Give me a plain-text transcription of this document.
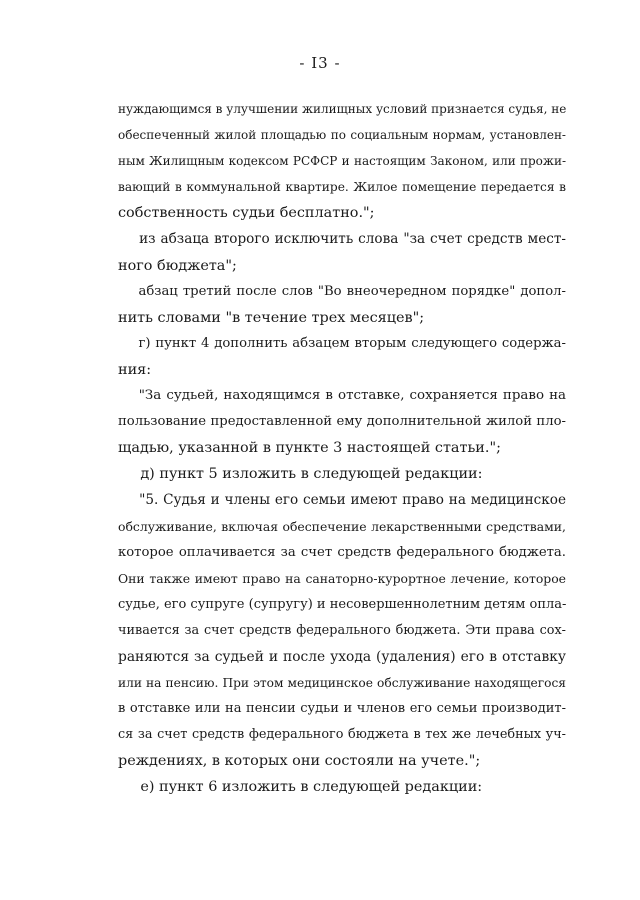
- I3 -
нуждающимся в улучшении жилищных условий признается судья, не
обеспеченный жилой площадью по социальным нормам, установлен-
ным Жилищным кодексом РСФСР и настоящим Законом, или прожи-
вающий в коммунальной квартире. Жилое помещение передается в
собственность судьи бесплатно.";
из абзаца второго исключить слова "за счет средств мест-
ного бюджета";
абзац третий после слов "Во внеочередном порядке" допол-
нить словами "в течение трех месяцев";
г) пункт 4 дополнить абзацем вторым следующего содержа-
ния:
"За судьей, находящимся в отставке, сохраняется право на
пользование предоставленной ему дополнительной жилой пло-
щадью, указанной в пункте 3 настоящей статьи.";
д) пункт 5 изложить в следующей редакции:
"5. Судья и члены его семьи имеют право на медицинское
обслуживание, включая обеспечение лекарственными средствами,
которое оплачивается за счет средств федерального бюджета.
Они также имеют право на санаторно-курортное лечение, которое
судье, его супруге (супругу) и несовершеннолетним детям опла-
чивается за счет средств федерального бюджета. Эти права сох-
раняются за судьей и после ухода (удаления) его в отставку
или на пенсию. При этом медицинское обслуживание находящегося
в отставке или на пенсии судьи и членов его семьи производит-
ся за счет средств федерального бюджета в тех же лечебных уч-
реждениях, в которых они состояли на учете.";
е) пункт 6 изложить в следующей редакции:
